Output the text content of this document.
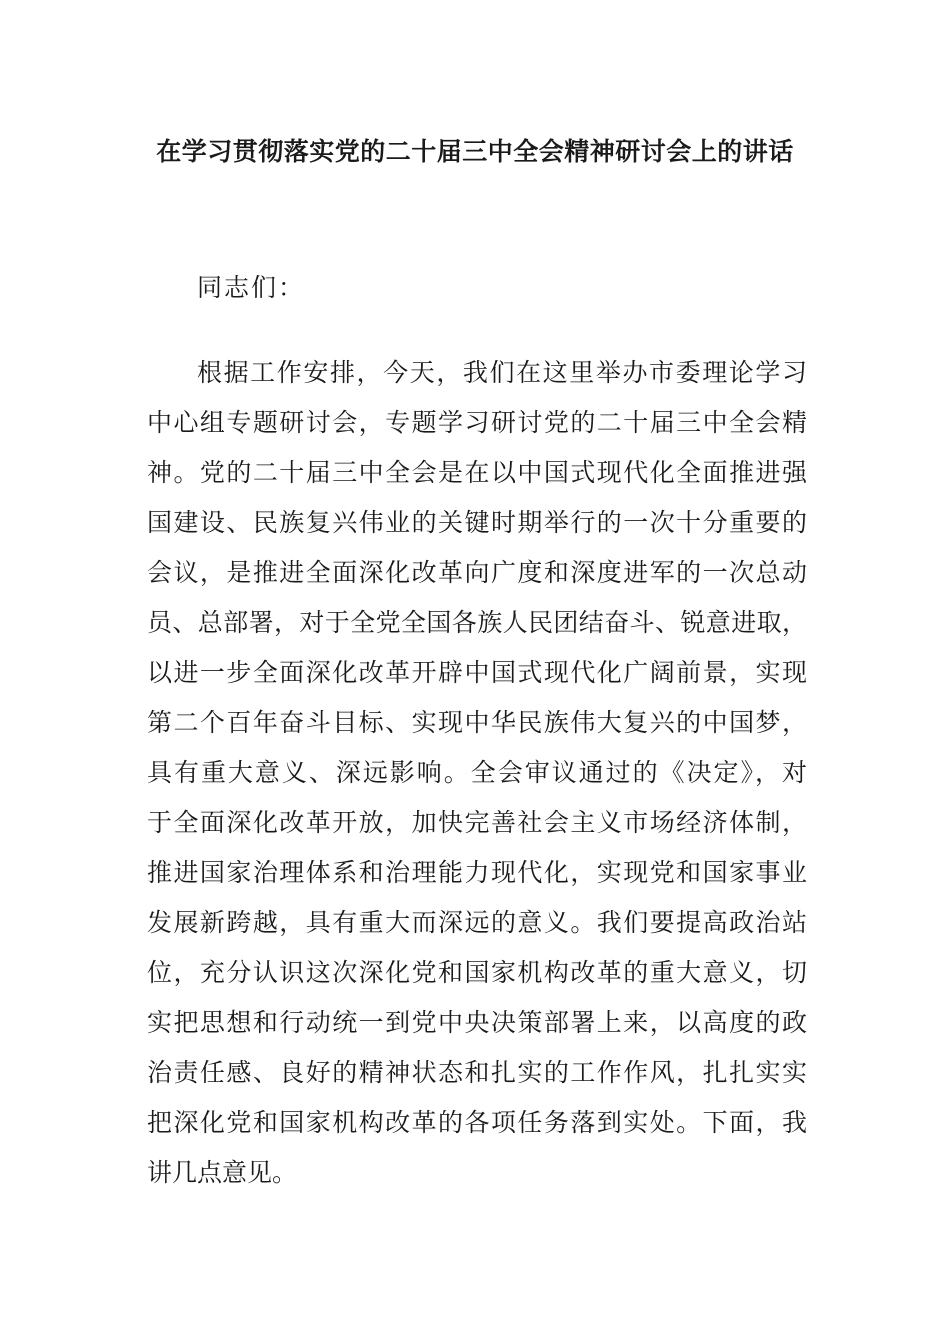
在学习贯彻落实党的二十届三中全会精神研讨会上的讲话
同志们：
根据工作安排，今天，我们在这里举办市委理论学习
中心组专题研讨会，专题学习研讨党的二十届三中全会精
神。党的二十届三中全会是在以中国式现代化全面推进强
国建设、民族复兴伟业的关键时期举行的一次十分重要的
会议，是推进全面深化改革向广度和深度进军的一次总动
员、总部署，对于全党全国各族人民团结奋斗、锐意进取，
以进一步全面深化改革开辟中国式现代化广阔前景，实现
第二个百年奋斗目标、实现中华民族伟大复兴的中国梦，
具有重大意义、深远影响。全会审议通过的《决定》，对
于全面深化改革开放，加快完善社会主义市场经济体制，
推进国家治理体系和治理能力现代化，实现党和国家事业
发展新跨越，具有重大而深远的意义。我们要提高政治站
位，充分认识这次深化党和国家机构改革的重大意义，切
实把思想和行动统一到党中央决策部署上来，以高度的政
治责任感、良好的精神状态和扎实的工作作风，扎扎实实
把深化党和国家机构改革的各项任务落到实处。下面，我
讲几点意见。
